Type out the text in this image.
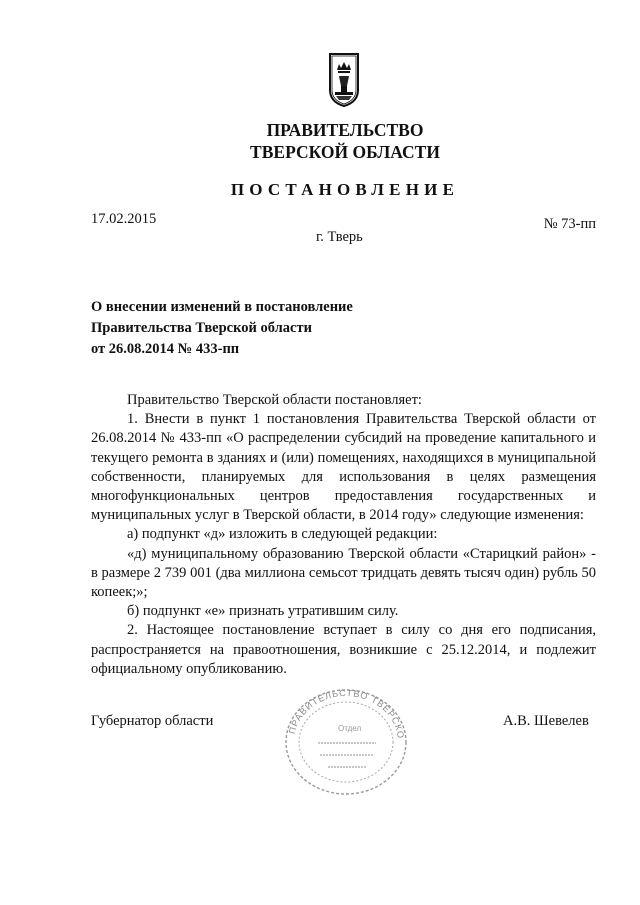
ПРАВИТЕЛЬСТВО
ТВЕРСКОЙ ОБЛАСТИ
ПОСТАНОВЛЕНИЕ
17.02.2015	№ 73-пп
г. Тверь
О внесении изменений в постановление
Правительства Тверской области
от 26.08.2014 № 433-пп

Правительство Тверской области постановляет:

1. Внести в пункт 1 постановления Правительства Тверской области от 26.08.2014 № 433-пп «О распределении субсидий на проведение капитального и текущего ремонта в зданиях и (или) помещениях, находящихся в муниципальной собственности, планируемых для использования в целях размещения многофункциональных центров предоставления государственных и муниципальных услуг в Тверской области, в 2014 году» следующие изменения:

а) подпункт «д» изложить в следующей редакции:

«д) муниципальному образованию Тверской области «Старицкий район» - в размере 2 739 001 (два миллиона семьсот тридцать девять тысяч один) рубль 50 копеек;»;

б) подпункт «е» признать утратившим силу.

2. Настоящее постановление вступает в силу со дня его подписания, распространяется на правоотношения, возникшие с 25.12.2014, и подлежит официальному опубликованию.

Губернатор области	А.В. Шевелев
ПРАВИТЕЛЬСТВО ТВЕРСКО
Отдел
